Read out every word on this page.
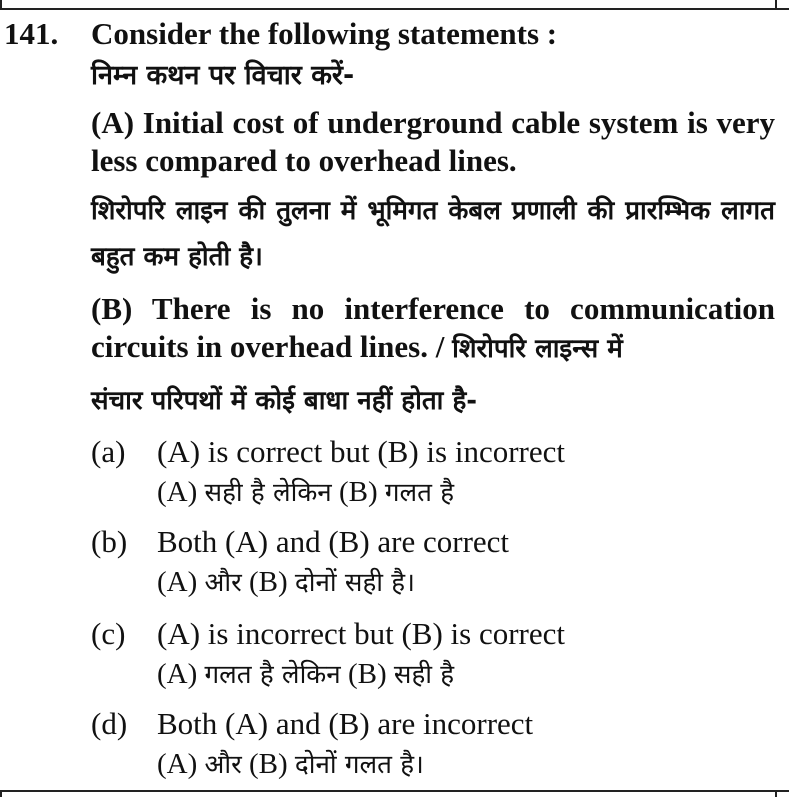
141. Consider the following statements :
निम्न कथन पर विचार करें-
(A) Initial cost of underground cable system is very less compared to overhead lines.
शिरोपरि लाइन की तुलना में भूमिगत केबल प्रणाली की प्रारम्भिक लागत बहुत कम होती है।
(B) There is no interference to communication circuits in overhead lines. / शिरोपरि लाइन्स में
संचार परिपथों में कोई बाधा नहीं होता है-
(a) (A) is correct but (B) is incorrect
(A) सही है लेकिन (B) गलत है
(b) Both (A) and (B) are correct
(A) और (B) दोनों सही है।
(c) (A) is incorrect but (B) is correct
(A) गलत है लेकिन (B) सही है
(d) Both (A) and (B) are incorrect
(A) और (B) दोनों गलत है।
